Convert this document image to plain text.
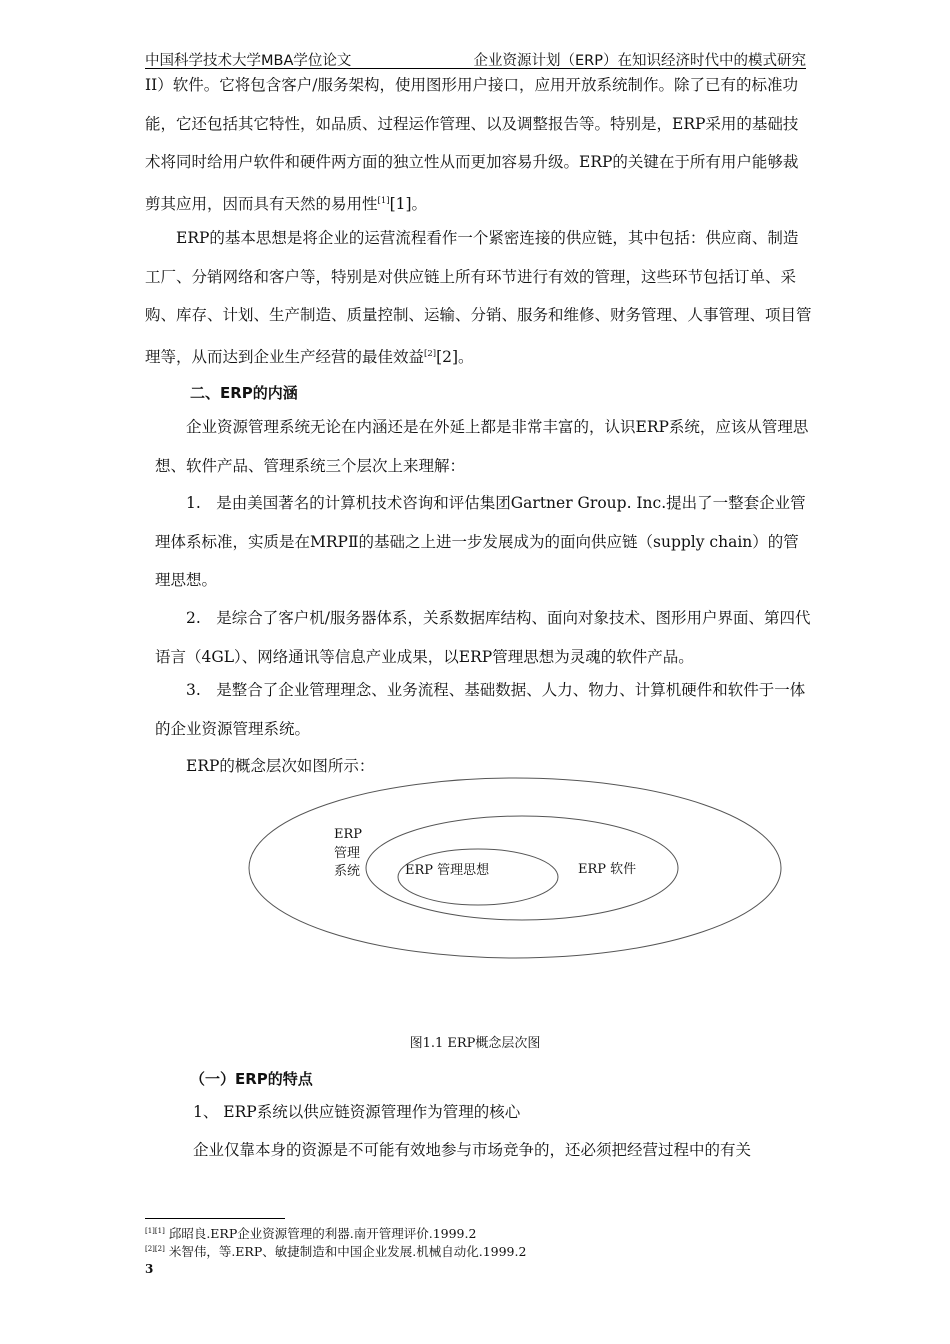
中国科学技术大学MBA学位论文	企业资源计划（ERP）在知识经济时代中的模式研究

II）软件。它将包含客户/服务架构，使用图形用户接口，应用开放系统制作。除了已有的标准功能，它还包括其它特性，如品质、过程运作管理、以及调整报告等。特别是，ERP采用的基础技术将同时给用户软件和硬件两方面的独立性从而更加容易升级。ERP的关键在于所有用户能够裁剪其应用，因而具有天然的易用性[1][1]。

ERP的基本思想是将企业的运营流程看作一个紧密连接的供应链，其中包括：供应商、制造工厂、分销网络和客户等，特别是对供应链上所有环节进行有效的管理，这些环节包括订单、采购、库存、计划、生产制造、质量控制、运输、分销、服务和维修、财务管理、人事管理、项目管理等，从而达到企业生产经营的最佳效益[2][2]。

二、ERP的内涵

企业资源管理系统无论在内涵还是在外延上都是非常丰富的，认识ERP系统，应该从管理思想、软件产品、管理系统三个层次上来理解：

1.　是由美国著名的计算机技术咨询和评估集团Gartner Group. Inc.提出了一整套企业管理体系标准，实质是在MRPⅡ的基础之上进一步发展成为的面向供应链（supply chain）的管理思想。

2.　是综合了客户机/服务器体系，关系数据库结构、面向对象技术、图形用户界面、第四代语言（4GL）、网络通讯等信息产业成果，以ERP管理思想为灵魂的软件产品。

3.　是整合了企业管理理念、业务流程、基础数据、人力、物力、计算机硬件和软件于一体的企业资源管理系统。

ERP的概念层次如图所示：

ERP
管理
系统	ERP 软件
ERP 管理思想
图1.1 ERP概念层次图
（一）ERP的特点

1、 ERP系统以供应链资源管理作为管理的核心

企业仅靠本身的资源是不可能有效地参与市场竞争的，还必须把经营过程中的有关

[1][1] 邱昭良.ERP企业资源管理的利器.南开管理评价.1999.2
[2][2] 米智伟，等.ERP、敏捷制造和中国企业发展.机械自动化.1999.2
3
